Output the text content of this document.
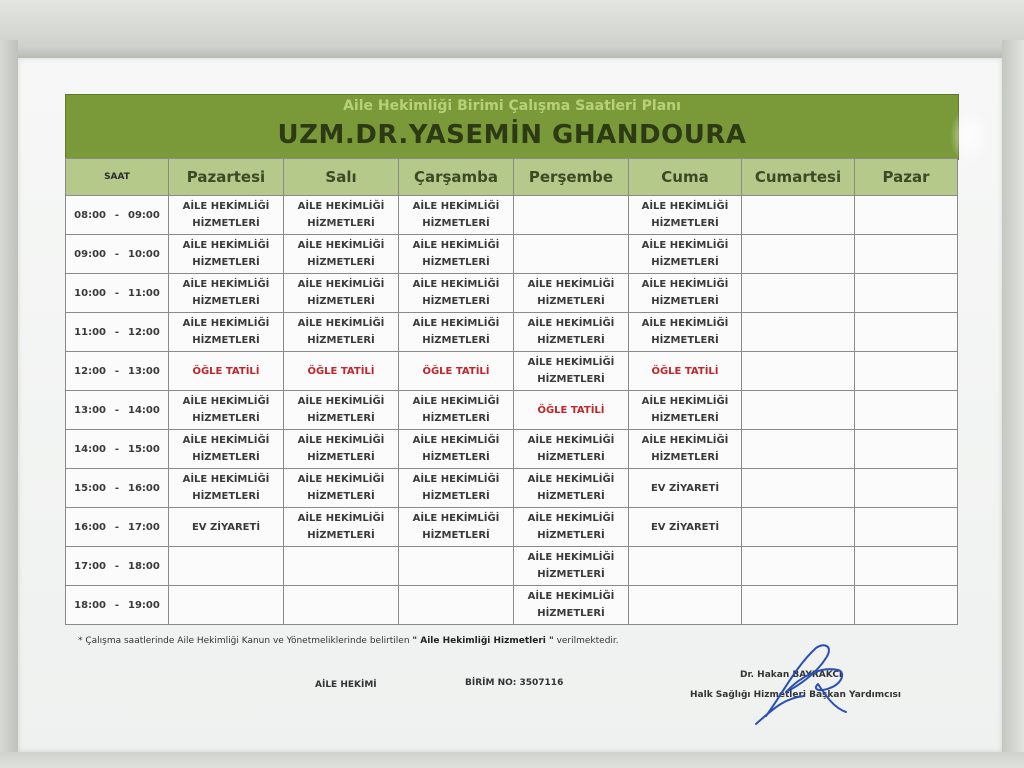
Aile Hekimliği Birimi Çalışma Saatleri Planı
UZM.DR.YASEMİN GHANDOURA
SAAT	Pazartesi	Salı	Çarşamba	Perşembe	Cuma	Cumartesi	Pazar
08:00 - 09:00	AİLE HEKİMLİĞİ HİZMETLERİ	AİLE HEKİMLİĞİ HİZMETLERİ	AİLE HEKİMLİĞİ HİZMETLERİ		AİLE HEKİMLİĞİ HİZMETLERİ		
09:00 - 10:00	AİLE HEKİMLİĞİ HİZMETLERİ	AİLE HEKİMLİĞİ HİZMETLERİ	AİLE HEKİMLİĞİ HİZMETLERİ		AİLE HEKİMLİĞİ HİZMETLERİ		
10:00 - 11:00	AİLE HEKİMLİĞİ HİZMETLERİ	AİLE HEKİMLİĞİ HİZMETLERİ	AİLE HEKİMLİĞİ HİZMETLERİ	AİLE HEKİMLİĞİ HİZMETLERİ	AİLE HEKİMLİĞİ HİZMETLERİ		
11:00 - 12:00	AİLE HEKİMLİĞİ HİZMETLERİ	AİLE HEKİMLİĞİ HİZMETLERİ	AİLE HEKİMLİĞİ HİZMETLERİ	AİLE HEKİMLİĞİ HİZMETLERİ	AİLE HEKİMLİĞİ HİZMETLERİ		
12:00 - 13:00	ÖĞLE TATİLİ	ÖĞLE TATİLİ	ÖĞLE TATİLİ	AİLE HEKİMLİĞİ HİZMETLERİ	ÖĞLE TATİLİ		
13:00 - 14:00	AİLE HEKİMLİĞİ HİZMETLERİ	AİLE HEKİMLİĞİ HİZMETLERİ	AİLE HEKİMLİĞİ HİZMETLERİ	ÖĞLE TATİLİ	AİLE HEKİMLİĞİ HİZMETLERİ		
14:00 - 15:00	AİLE HEKİMLİĞİ HİZMETLERİ	AİLE HEKİMLİĞİ HİZMETLERİ	AİLE HEKİMLİĞİ HİZMETLERİ	AİLE HEKİMLİĞİ HİZMETLERİ	AİLE HEKİMLİĞİ HİZMETLERİ		
15:00 - 16:00	AİLE HEKİMLİĞİ HİZMETLERİ	AİLE HEKİMLİĞİ HİZMETLERİ	AİLE HEKİMLİĞİ HİZMETLERİ	AİLE HEKİMLİĞİ HİZMETLERİ	EV ZİYARETİ		
16:00 - 17:00	EV ZİYARETİ	AİLE HEKİMLİĞİ HİZMETLERİ	AİLE HEKİMLİĞİ HİZMETLERİ	AİLE HEKİMLİĞİ HİZMETLERİ	EV ZİYARETİ		
17:00 - 18:00				AİLE HEKİMLİĞİ HİZMETLERİ			
18:00 - 19:00				AİLE HEKİMLİĞİ HİZMETLERİ			
* Çalışma saatlerinde Aile Hekimliği Kanun ve Yönetmeliklerinde belirtilen " Aile Hekimliği Hizmetleri " verilmektedir.
AİLE HEKİMİ	BİRİM NO: 3507116
Dr. Hakan BAYRAKCI
Halk Sağlığı Hizmetleri Başkan Yardımcısı
